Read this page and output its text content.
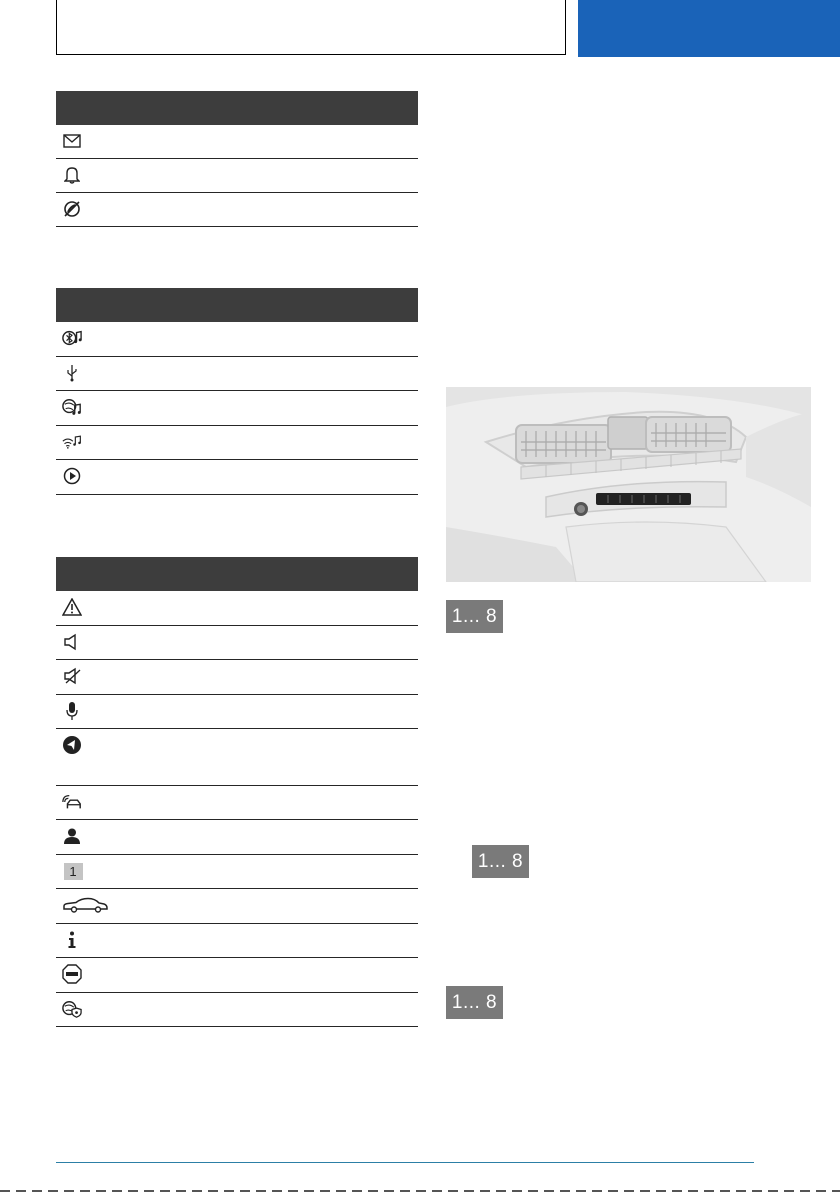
1
1... 8
1... 8
1... 8
